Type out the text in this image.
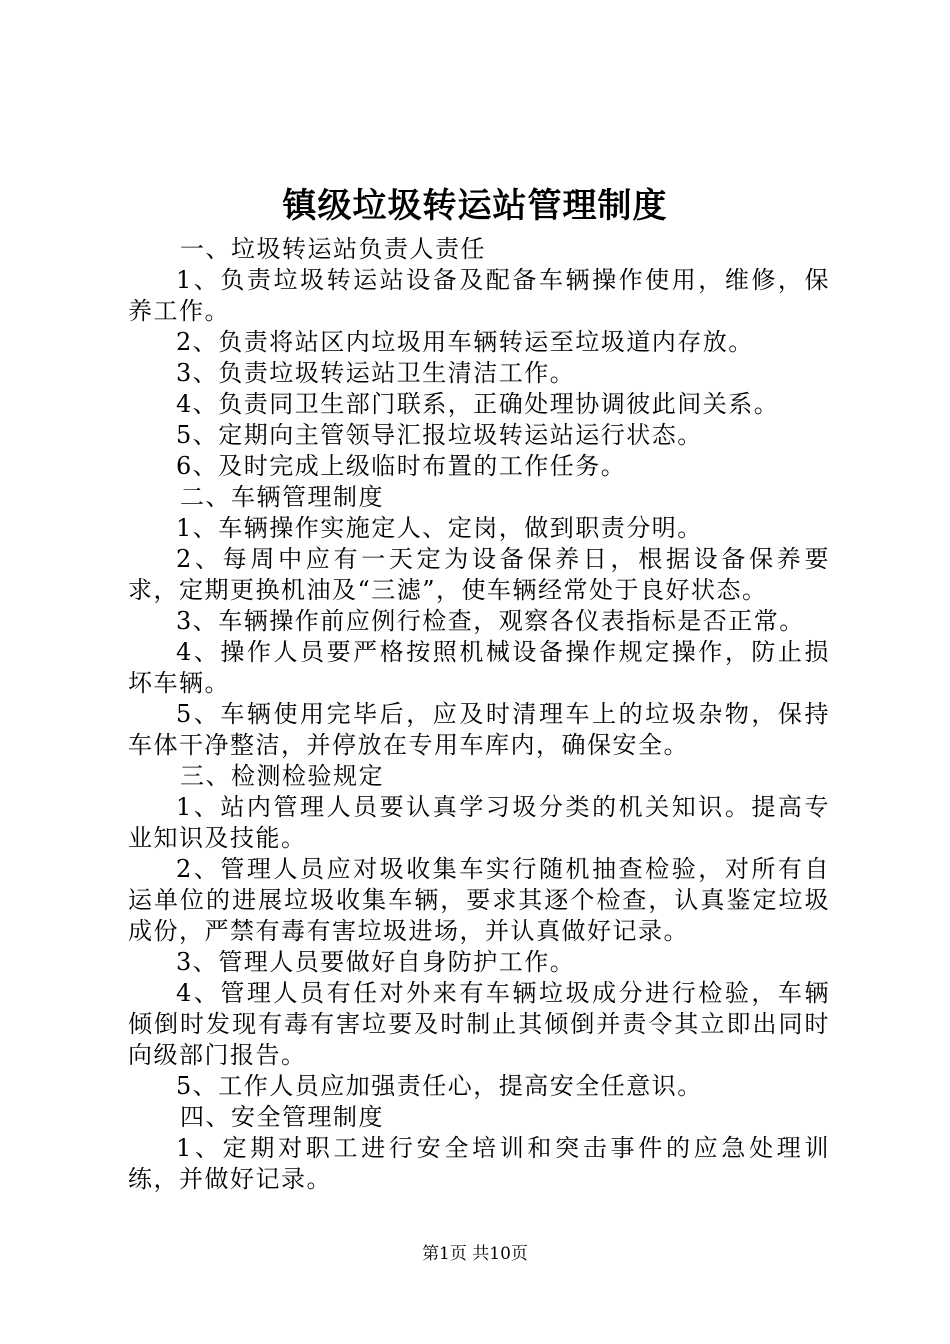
镇级垃圾转运站管理制度

一、垃圾转运站负责人责任

1、负责垃圾转运站设备及配备车辆操作使用，维修，保养工作。

2、负责将站区内垃圾用车辆转运至垃圾道内存放。

3、负责垃圾转运站卫生清洁工作。

4、负责同卫生部门联系，正确处理协调彼此间关系。

5、定期向主管领导汇报垃圾转运站运行状态。

6、及时完成上级临时布置的工作任务。

二、车辆管理制度

1、车辆操作实施定人、定岗，做到职责分明。

2、每周中应有一天定为设备保养日，根据设备保养要求，定期更换机油及“三滤”，使车辆经常处于良好状态。

3、车辆操作前应例行检查，观察各仪表指标是否正常。

4、操作人员要严格按照机械设备操作规定操作，防止损坏车辆。

5、车辆使用完毕后，应及时清理车上的垃圾杂物，保持车体干净整洁，并停放在专用车库内，确保安全。

三、检测检验规定

1、站内管理人员要认真学习圾分类的机关知识。提高专业知识及技能。

2、管理人员应对圾收集车实行随机抽查检验，对所有自运单位的进展垃圾收集车辆，要求其逐个检查，认真鉴定垃圾成份，严禁有毒有害垃圾进场，并认真做好记录。

3、管理人员要做好自身防护工作。

4、管理人员有任对外来有车辆垃圾成分进行检验，车辆倾倒时发现有毒有害垃要及时制止其倾倒并责令其立即出同时向级部门报告。

5、工作人员应加强责任心，提高安全任意识。

四、安全管理制度

1、定期对职工进行安全培训和突击事件的应急处理训练，并做好记录。

第1页 共10页
